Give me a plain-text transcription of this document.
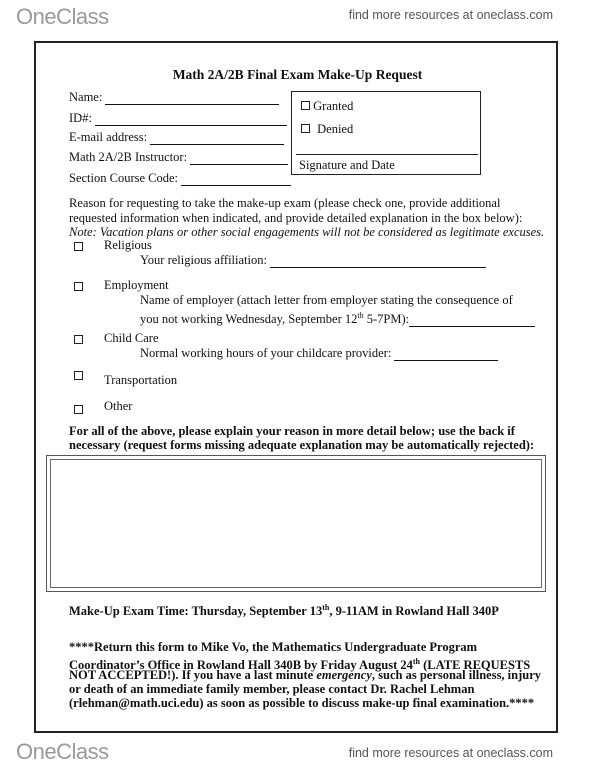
OneClass	find more resources at oneclass.com
Math 2A/2B Final Exam Make-Up Request
Name:
ID#:
E-mail address:
Math 2A/2B Instructor:
Section Course Code:
Granted
Denied
Signature and Date
Reason for requesting to take the make-up exam (please check one, provide additional requested information when indicated, and provide detailed explanation in the box below):
Note: Vacation plans or other social engagements will not be considered as legitimate excuses.
Religious
Your religious affiliation:
Employment
Name of employer (attach letter from employer stating the consequence of
you not working Wednesday, September 12th 5-7PM):
Child Care
Normal working hours of your childcare provider:
Transportation
Other
For all of the above, please explain your reason in more detail below; use the back if
necessary (request forms missing adequate explanation may be automatically rejected):
Make-Up Exam Time: Thursday, September 13th, 9-11AM in Rowland Hall 340P
****Return this form to Mike Vo, the Mathematics Undergraduate Program
Coordinator’s Office in Rowland Hall 340B by Friday August 24th (LATE REQUESTS
NOT ACCEPTED!). If you have a last minute emergency, such as personal illness, injury
or death of an immediate family member, please contact Dr. Rachel Lehman
(rlehman@math.uci.edu) as soon as possible to discuss make-up final examination.****
OneClass	find more resources at oneclass.com
